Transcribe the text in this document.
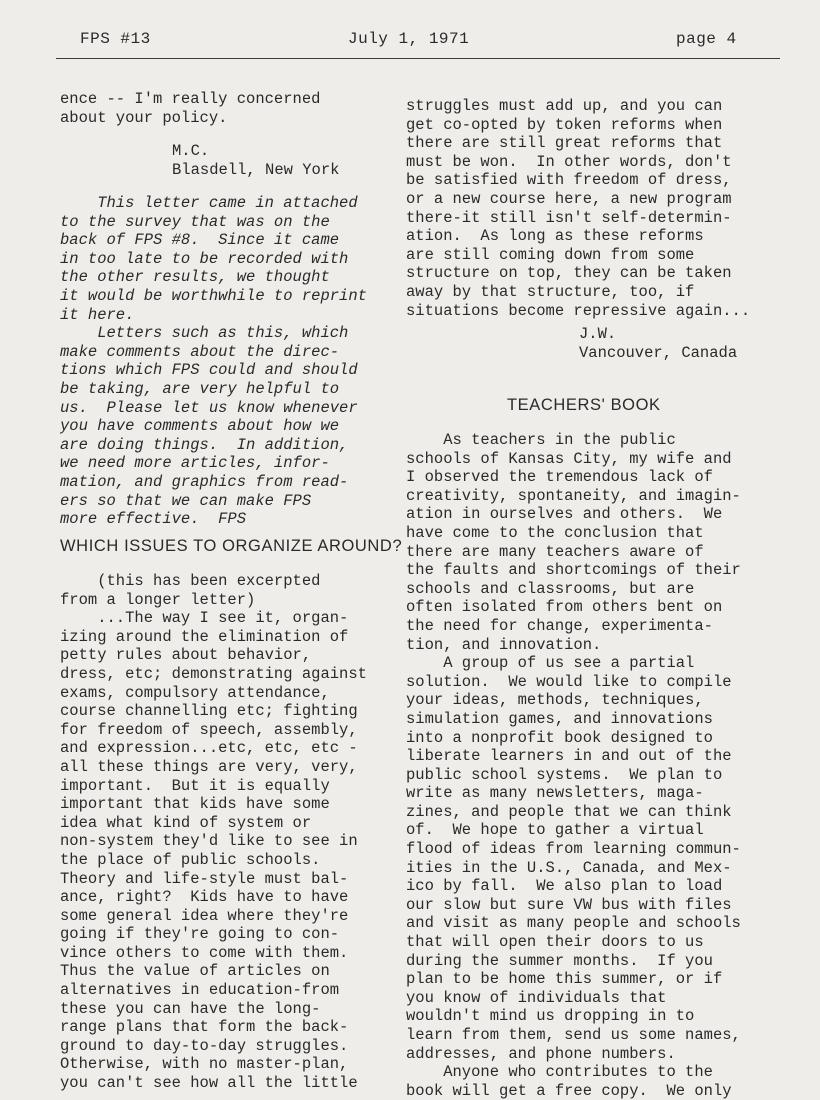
FPS #13	July 1, 1971	page 4
ence -- I'm really concerned
about your policy.
M.C.
Blasdell, New York
This letter came in attached
to the survey that was on the
back of FPS #8.  Since it came
in too late to be recorded with
the other results, we thought
it would be worthwhile to reprint
it here.
Letters such as this, which
make comments about the direc-
tions which FPS could and should
be taking, are very helpful to
us.  Please let us know whenever
you have comments about how we
are doing things.  In addition,
we need more articles, infor-
mation, and graphics from read-
ers so that we can make FPS
more effective.  FPS
WHICH ISSUES TO ORGANIZE AROUND?
(this has been excerpted
from a longer letter)
...The way I see it, organ-
izing around the elimination of
petty rules about behavior,
dress, etc; demonstrating against
exams, compulsory attendance,
course channelling etc; fighting
for freedom of speech, assembly,
and expression...etc, etc, etc -
all these things are very, very,
important.  But it is equally
important that kids have some
idea what kind of system or
non-system they'd like to see in
the place of public schools.
Theory and life-style must bal-
ance, right?  Kids have to have
some general idea where they're
going if they're going to con-
vince others to come with them.
Thus the value of articles on
alternatives in education-from
these you can have the long-
range plans that form the back-
ground to day-to-day struggles.
Otherwise, with no master-plan,
you can't see how all the little
struggles must add up, and you can
get co-opted by token reforms when
there are still great reforms that
must be won.  In other words, don't
be satisfied with freedom of dress,
or a new course here, a new program
there-it still isn't self-determin-
ation.  As long as these reforms
are still coming down from some
structure on top, they can be taken
away by that structure, too, if
situations become repressive again...
J.W.
Vancouver, Canada
TEACHERS' BOOK
As teachers in the public
schools of Kansas City, my wife and
I observed the tremendous lack of
creativity, spontaneity, and imagin-
ation in ourselves and others.  We
have come to the conclusion that
there are many teachers aware of
the faults and shortcomings of their
schools and classrooms, but are
often isolated from others bent on
the need for change, experimenta-
tion, and innovation.
A group of us see a partial
solution.  We would like to compile
your ideas, methods, techniques,
simulation games, and innovations
into a nonprofit book designed to
liberate learners in and out of the
public school systems.  We plan to
write as many newsletters, maga-
zines, and people that we can think
of.  We hope to gather a virtual
flood of ideas from learning commun-
ities in the U.S., Canada, and Mex-
ico by fall.  We also plan to load
our slow but sure VW bus with files
and visit as many people and schools
that will open their doors to us
during the summer months.  If you
plan to be home this summer, or if
you know of individuals that
wouldn't mind us dropping in to
learn from them, send us some names,
addresses, and phone numbers.
Anyone who contributes to the
book will get a free copy.  We only
